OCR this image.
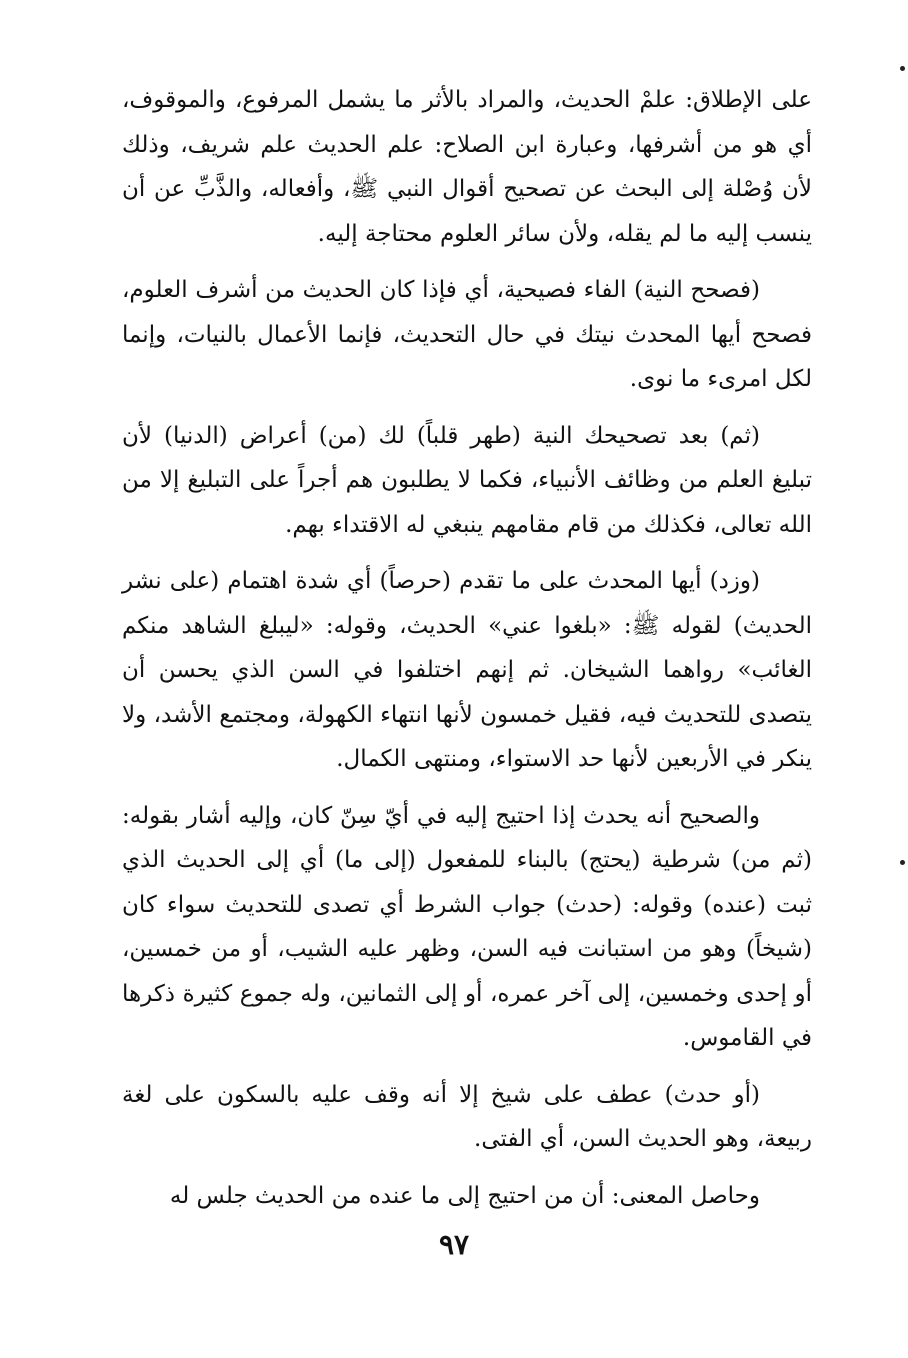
على الإطلاق: علمْ الحديث، والمراد بالأثر ما يشمل المرفوع، والموقوف، أي هو من أشرفها، وعبارة ابن الصلاح: علم الحديث علم شريف، وذلك لأن وُصْلة إلى البحث عن تصحيح أقوال النبي ﷺ، وأفعاله، والذَّبِّ عن أن ينسب إليه ما لم يقله، ولأن سائر العلوم محتاجة إليه.

(فصحح النية) الفاء فصيحية، أي فإذا كان الحديث من أشرف العلوم، فصحح أيها المحدث نيتك في حال التحديث، فإنما الأعمال بالنيات، وإنما لكل امرىء ما نوى.

(ثم) بعد تصحيحك النية (طهر قلباً) لك (من) أعراض (الدنيا) لأن تبليغ العلم من وظائف الأنبياء، فكما لا يطلبون هم أجراً على التبليغ إلا من الله تعالى، فكذلك من قام مقامهم ينبغي له الاقتداء بهم.

(وزد) أيها المحدث على ما تقدم (حرصاً) أي شدة اهتمام (على نشر الحديث) لقوله ﷺ: «بلغوا عني» الحديث، وقوله: «ليبلغ الشاهد منكم الغائب» رواهما الشيخان. ثم إنهم اختلفوا في السن الذي يحسن أن يتصدى للتحديث فيه، فقيل خمسون لأنها انتهاء الكهولة، ومجتمع الأشد، ولا ينكر في الأربعين لأنها حد الاستواء، ومنتهى الكمال.

والصحيح أنه يحدث إذا احتيج إليه في أيّ سِنّ كان، وإليه أشار بقوله: (ثم من) شرطية (يحتج) بالبناء للمفعول (إلى ما) أي إلى الحديث الذي ثبت (عنده) وقوله: (حدث) جواب الشرط أي تصدى للتحديث سواء كان (شيخاً) وهو من استبانت فيه السن، وظهر عليه الشيب، أو من خمسين، أو إحدى وخمسين، إلى آخر عمره، أو إلى الثمانين، وله جموع كثيرة ذكرها في القاموس.

(أو حدث) عطف على شيخ إلا أنه وقف عليه بالسكون على لغة ربيعة، وهو الحديث السن، أي الفتى.

وحاصل المعنى: أن من احتيج إلى ما عنده من الحديث جلس له

٩٧
